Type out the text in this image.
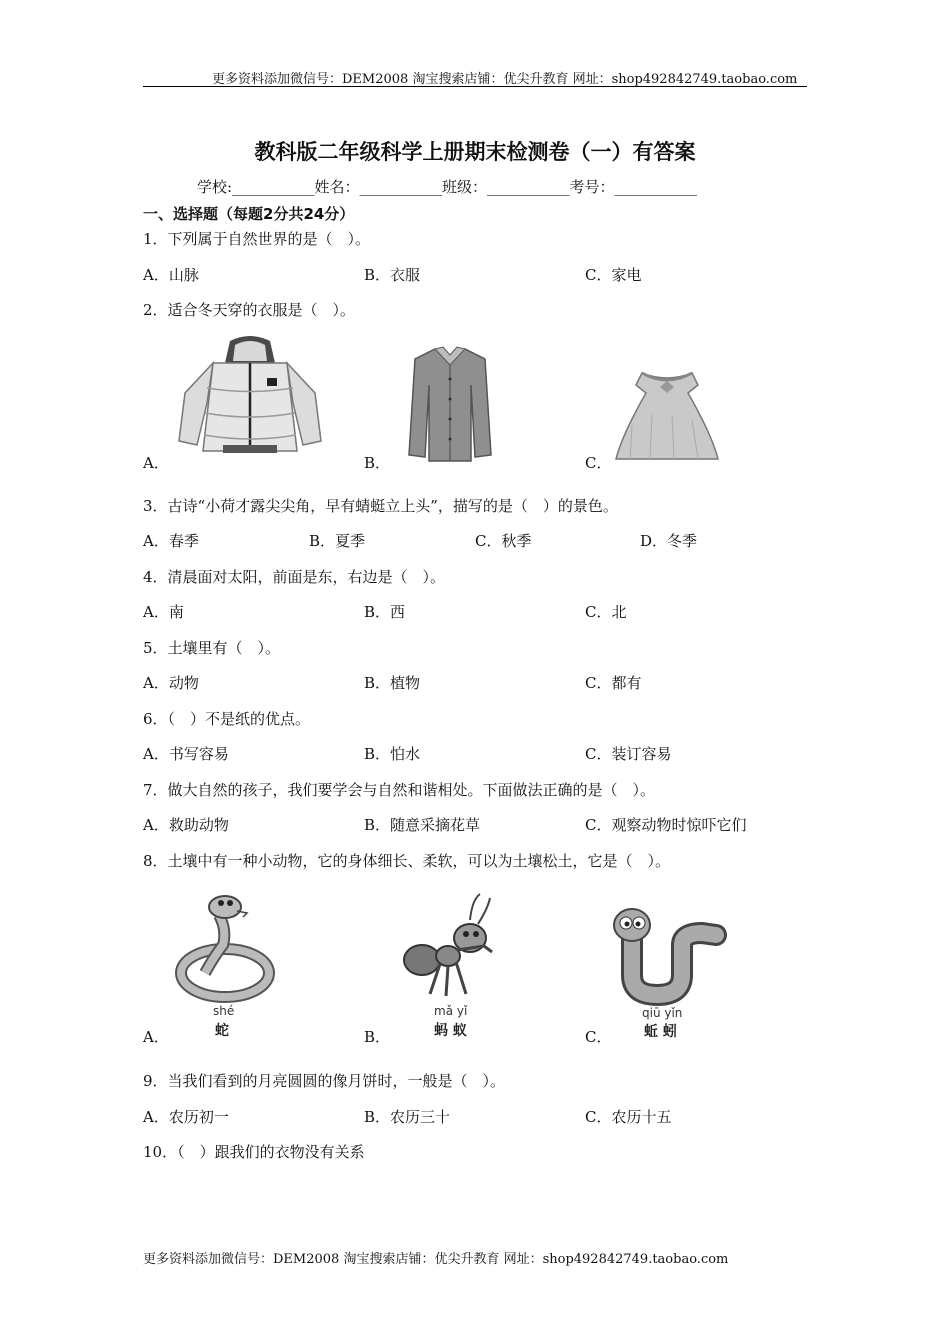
更多资料添加微信号：DEM2008 淘宝搜索店铺：优尖升教育 网址：shop492842749.taobao.com
教科版二年级科学上册期末检测卷（一）有答案
学校:___________姓名：___________班级：___________考号：___________
一、选择题（每题2分共24分）
1．下列属于自然世界的是（　）。
A．山脉	B．衣服	C．家电
2．适合冬天穿的衣服是（　）。
A．	B．	C．
3．古诗“小荷才露尖尖角，早有蜻蜓立上头”，描写的是（　）的景色。
A．春季	B．夏季	C．秋季	D．冬季
4．清晨面对太阳，前面是东，右边是（　）。
A．南	B．西	C．北
5．土壤里有（　）。
A．动物	B．植物	C．都有
6．（　）不是纸的优点。
A．书写容易	B．怕水	C．装订容易
7．做大自然的孩子，我们要学会与自然和谐相处。下面做法正确的是（　）。
A．救助动物	B．随意采摘花草	C．观察动物时惊吓它们
8．土壤中有一种小动物，它的身体细长、柔软，可以为土壤松土，它是（　）。
A．	B．	C．
shé
蛇
mǎ yǐ
蚂 蚁
qiū yǐn
蚯 蚓
9．当我们看到的月亮圆圆的像月饼时，一般是（　）。
A．农历初一	B．农历三十	C．农历十五
10．（　）跟我们的衣物没有关系
更多资料添加微信号：DEM2008 淘宝搜索店铺：优尖升教育 网址：shop492842749.taobao.com
